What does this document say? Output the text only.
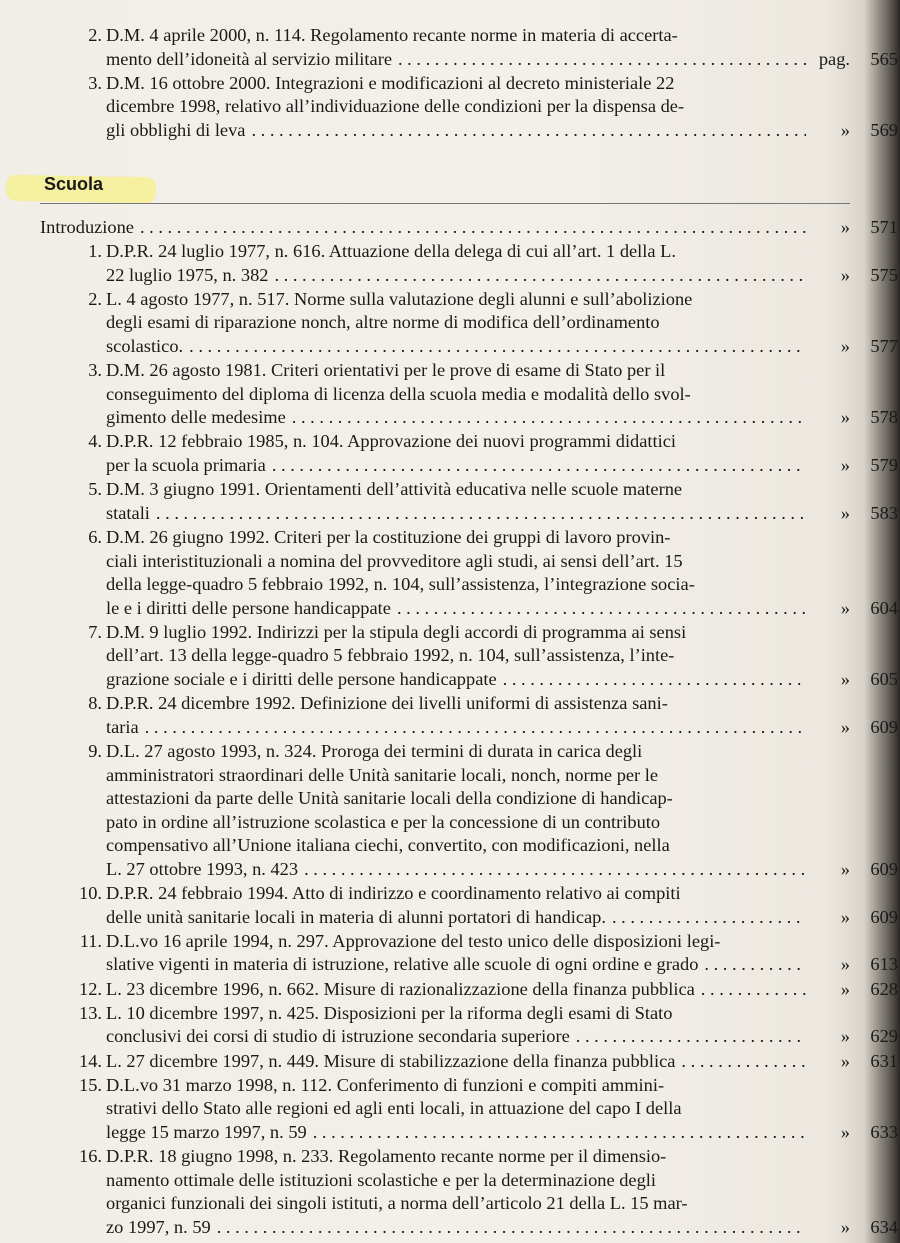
2. D.M. 4 aprile 2000, n. 114. Regolamento recante norme in materia di accerta-
mento dell’idoneità al servizio militare . . .	pag.	565
3. D.M. 16 ottobre 2000. Integrazioni e modificazioni al decreto ministeriale 22
dicembre 1998, relativo all’individuazione delle condizioni per la dispensa de-
gli obblighi di leva . . .	»	569
Scuola
Introduzione . . .	»	571
1. D.P.R. 24 luglio 1977, n. 616. Attuazione della delega di cui all’art. 1 della L.
22 luglio 1975, n. 382 . . .	»	575
2. L. 4 agosto 1977, n. 517. Norme sulla valutazione degli alunni e sull’abolizione
degli esami di riparazione nonch, altre norme di modifica dell’ordinamento
scolastico. . . .	»	577
3. D.M. 26 agosto 1981. Criteri orientativi per le prove di esame di Stato per il
conseguimento del diploma di licenza della scuola media e modalità dello svol-
gimento delle medesime . . .	»	578
4. D.P.R. 12 febbraio 1985, n. 104. Approvazione dei nuovi programmi didattici
per la scuola primaria . . .	»	579
5. D.M. 3 giugno 1991. Orientamenti dell’attività educativa nelle scuole materne
statali . . .	»	583
6. D.M. 26 giugno 1992. Criteri per la costituzione dei gruppi di lavoro provin-
ciali interistituzionali a nomina del provveditore agli studi, ai sensi dell’art. 15
della legge-quadro 5 febbraio 1992, n. 104, sull’assistenza, l’integrazione socia-
le e i diritti delle persone handicappate . . .	»	604
7. D.M. 9 luglio 1992. Indirizzi per la stipula degli accordi di programma ai sensi
dell’art. 13 della legge-quadro 5 febbraio 1992, n. 104, sull’assistenza, l’inte-
grazione sociale e i diritti delle persone handicappate . . .	»	605
8. D.P.R. 24 dicembre 1992. Definizione dei livelli uniformi di assistenza sani-
taria . . .	»	609
9. D.L. 27 agosto 1993, n. 324. Proroga dei termini di durata in carica degli
amministratori straordinari delle Unità sanitarie locali, nonch, norme per le
attestazioni da parte delle Unità sanitarie locali della condizione di handicap-
pato in ordine all’istruzione scolastica e per la concessione di un contributo
compensativo all’Unione italiana ciechi, convertito, con modificazioni, nella
L. 27 ottobre 1993, n. 423 . . .	»	609
10. D.P.R. 24 febbraio 1994. Atto di indirizzo e coordinamento relativo ai compiti
delle unità sanitarie locali in materia di alunni portatori di handicap. . . .	»	609
11. D.L.vo 16 aprile 1994, n. 297. Approvazione del testo unico delle disposizioni legi-
slative vigenti in materia di istruzione, relative alle scuole di ogni ordine e grado . . .	»	613
12. L. 23 dicembre 1996, n. 662. Misure di razionalizzazione della finanza pubblica . . .	»	628
13. L. 10 dicembre 1997, n. 425. Disposizioni per la riforma degli esami di Stato
conclusivi dei corsi di studio di istruzione secondaria superiore . . .	»	629
14. L. 27 dicembre 1997, n. 449. Misure di stabilizzazione della finanza pubblica . . .	»	631
15. D.L.vo 31 marzo 1998, n. 112. Conferimento di funzioni e compiti ammini-
strativi dello Stato alle regioni ed agli enti locali, in attuazione del capo I della
legge 15 marzo 1997, n. 59 . . .	»	633
16. D.P.R. 18 giugno 1998, n. 233. Regolamento recante norme per il dimensio-
namento ottimale delle istituzioni scolastiche e per la determinazione degli
organici funzionali dei singoli istituti, a norma dell’articolo 21 della L. 15 mar-
zo 1997, n. 59 . . .	»	634
